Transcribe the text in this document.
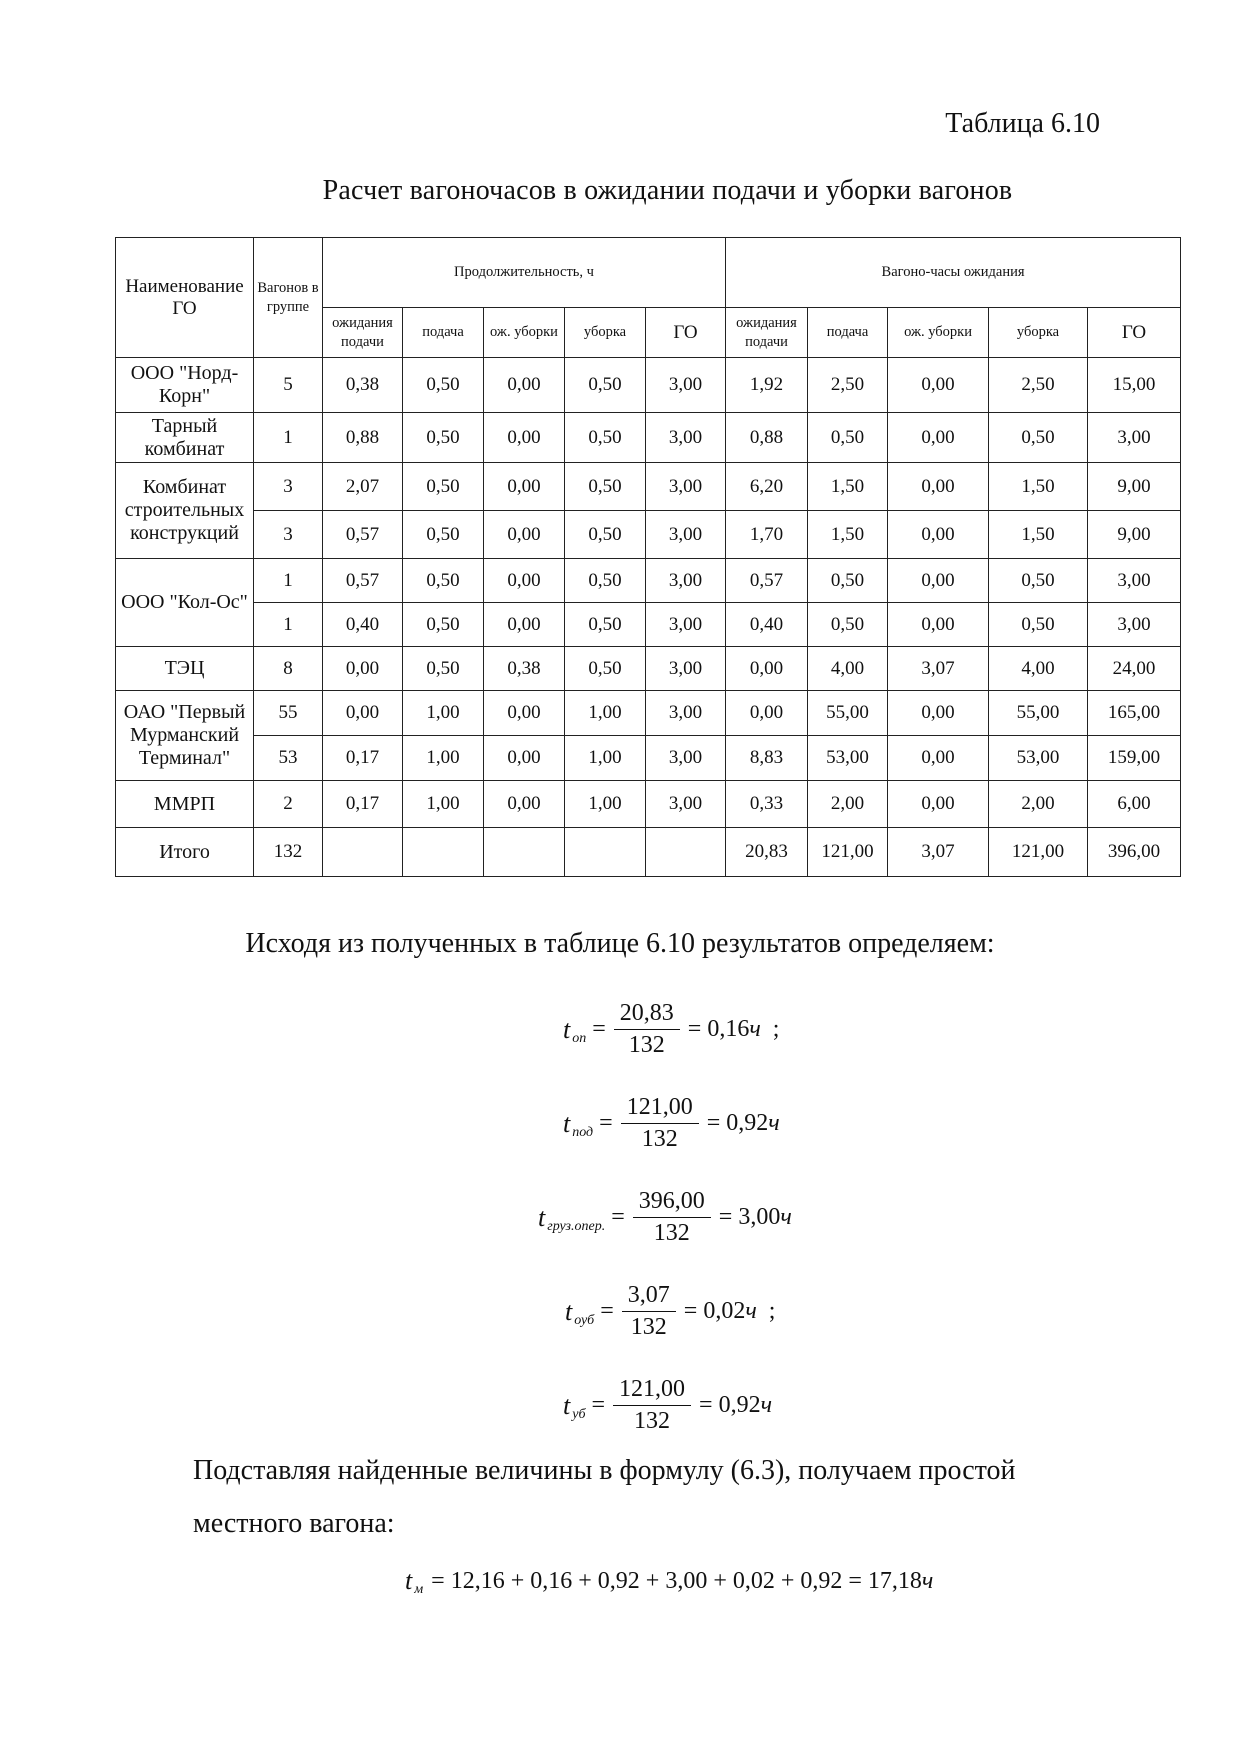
Таблица 6.10
Расчет вагоночасов в ожидании подачи и уборки вагонов
Наименование ГО	Вагонов в группе	Продолжительность, ч					Вагоно-часы ожидания				
		ожидания подачи	подача	ож. уборки	уборка	ГО	ожидания подачи	подача	ож. уборки	уборка	ГО
ООО "Норд-Корн"	5	0,38	0,50	0,00	0,50	3,00	1,92	2,50	0,00	2,50	15,00
Тарный комбинат	1	0,88	0,50	0,00	0,50	3,00	0,88	0,50	0,00	0,50	3,00
Комбинат строительных конструкций	3	2,07	0,50	0,00	0,50	3,00	6,20	1,50	0,00	1,50	9,00
	3	0,57	0,50	0,00	0,50	3,00	1,70	1,50	0,00	1,50	9,00
ООО "Кол-Ос"	1	0,57	0,50	0,00	0,50	3,00	0,57	0,50	0,00	0,50	3,00
	1	0,40	0,50	0,00	0,50	3,00	0,40	0,50	0,00	0,50	3,00
ТЭЦ	8	0,00	0,50	0,38	0,50	3,00	0,00	4,00	3,07	4,00	24,00
ОАО "Первый Мурманский Терминал"	55	0,00	1,00	0,00	1,00	3,00	0,00	55,00	0,00	55,00	165,00
	53	0,17	1,00	0,00	1,00	3,00	8,83	53,00	0,00	53,00	159,00
ММРП	2	0,17	1,00	0,00	1,00	3,00	0,33	2,00	0,00	2,00	6,00
Итого	132						20,83	121,00	3,07	121,00	396,00
Исходя из полученных в таблице 6.10 результатов определяем:
t оп = $\frac{20,83}{132} = 0,16ч$ ;
t под = $\frac{121,00}{132} = 0,92ч$
t груз.опер. = $\frac{396,00}{132} = 3,00ч$
t оуб = $\frac{3,07}{132} = 0,02ч$ ;
t уб = $\frac{121,00}{132} = 0,92ч$
Подставляя найденные величины в формулу (6.3), получаем простой
местного вагона:
t м = 12,16 + 0,16 + 0,92 + 3,00 + 0,02 + 0,92 = 17,18 ч
